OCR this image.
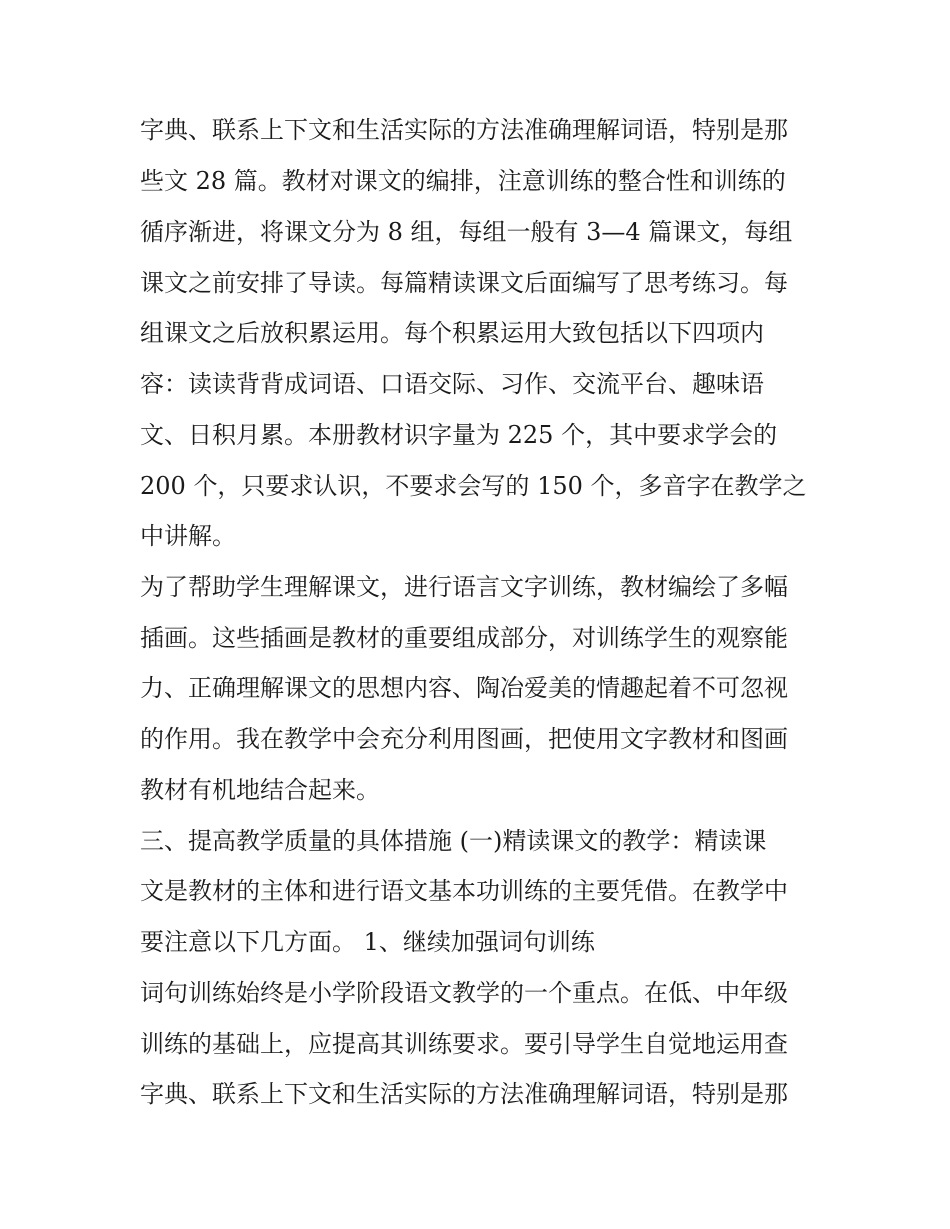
字典、联系上下文和生活实际的方法准确理解词语，特别是那
些文 28 篇。教材对课文的编排，注意训练的整合性和训练的
循序渐进，将课文分为 8 组，每组一般有 3—4 篇课文，每组
课文之前安排了导读。每篇精读课文后面编写了思考练习。每
组课文之后放积累运用。每个积累运用大致包括以下四项内
容：读读背背成词语、口语交际、习作、交流平台、趣味语
文、日积月累。本册教材识字量为 225 个，其中要求学会的
200 个，只要求认识，不要求会写的 150 个，多音字在教学之
中讲解。
为了帮助学生理解课文，进行语言文字训练，教材编绘了多幅
插画。这些插画是教材的重要组成部分，对训练学生的观察能
力、正确理解课文的思想内容、陶冶爱美的情趣起着不可忽视
的作用。我在教学中会充分利用图画，把使用文字教材和图画
教材有机地结合起来。
三、提高教学质量的具体措施 (一)精读课文的教学：精读课
文是教材的主体和进行语文基本功训练的主要凭借。在教学中
要注意以下几方面。 1、继续加强词句训练
词句训练始终是小学阶段语文教学的一个重点。在低、中年级
训练的基础上，应提高其训练要求。要引导学生自觉地运用查
字典、联系上下文和生活实际的方法准确理解词语，特别是那
